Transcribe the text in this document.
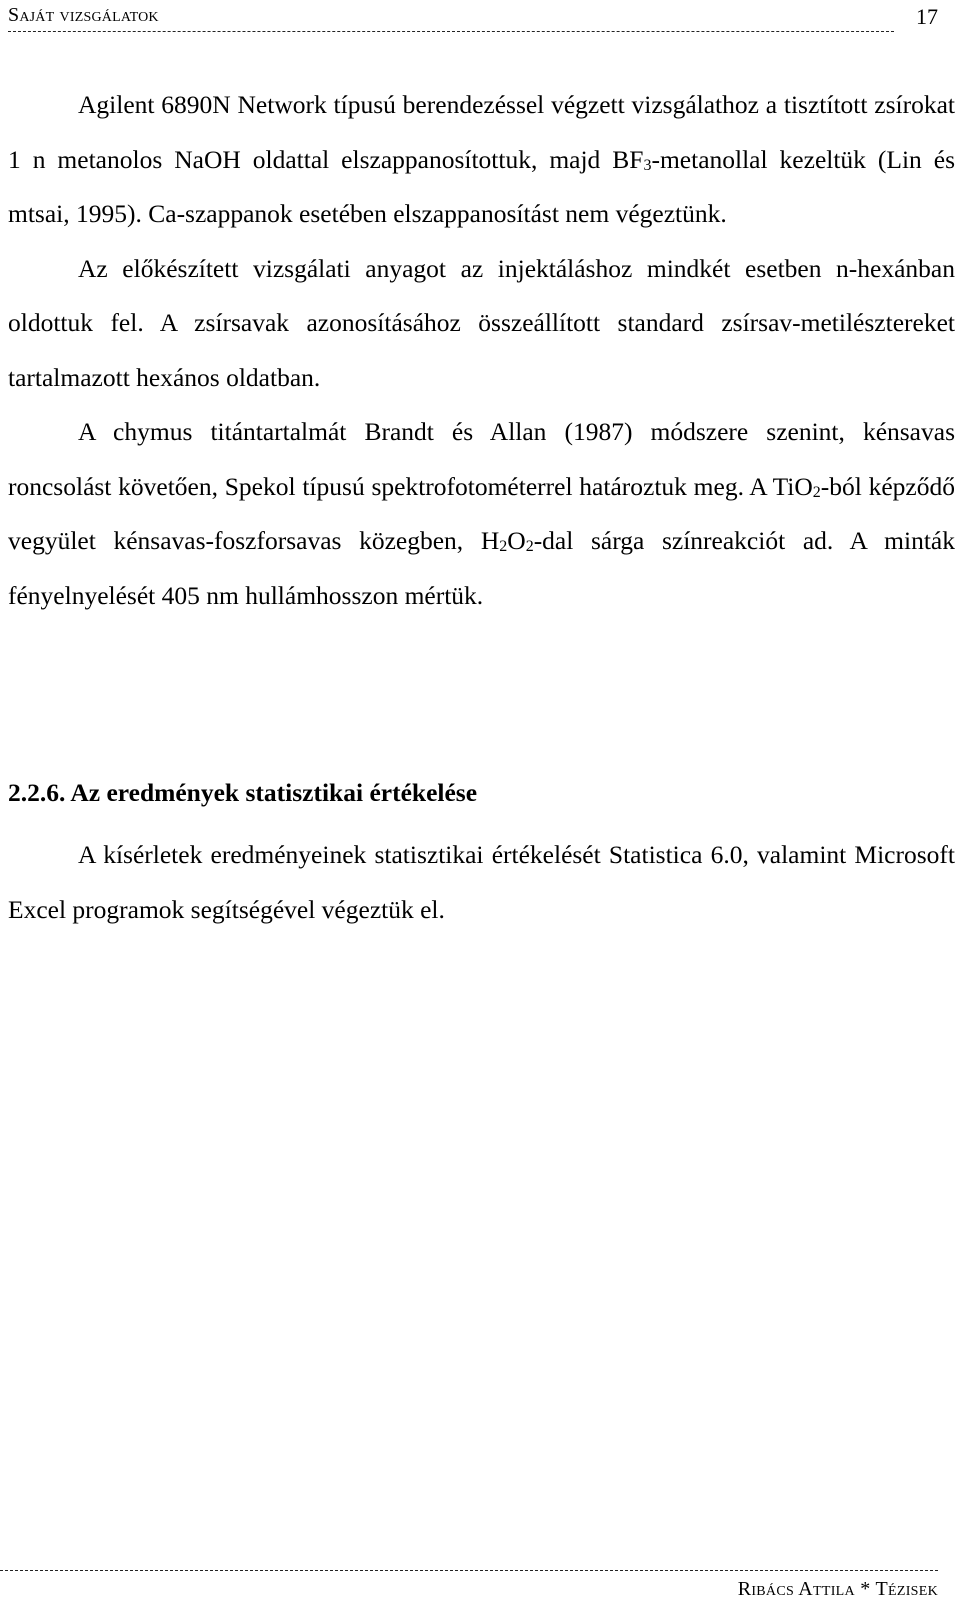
Saját vizsgálatok	17

Agilent 6890N Network típusú berendezéssel végzett vizsgálathoz a tisztított zsírokat 1 n metanolos NaOH oldattal elszappanosítottuk, majd $BF_3$-metanollal kezeltük (Lin és mtsai, 1995). Ca-szappanok esetében elszappanosítást nem végeztünk.

Az előkészített vizsgálati anyagot az injektáláshoz mindkét esetben n-hexánban oldottuk fel. A zsírsavak azonosításához összeállított standard zsírsav-metilésztereket tartalmazott hexános oldatban.

A chymus titántartalmát Brandt és Allan (1987) módszere szenint, kénsavas roncsolást követően, Spekol típusú spektrofotométerrel határoztuk meg. A TiO$_2$-ból képződő vegyület kénsavas-foszforsavas közegben, $H_2O_2$-dal sárga színreakciót ad. A minták fényelnyelését 405 nm hullámhosszon mértük.

2.2.6. Az eredmények statisztikai értékelése

A kísérletek eredményeinek statisztikai értékelését Statistica 6.0, valamint Microsoft Excel programok segítségével végeztük el.

Ribács Attila * Tézisek
